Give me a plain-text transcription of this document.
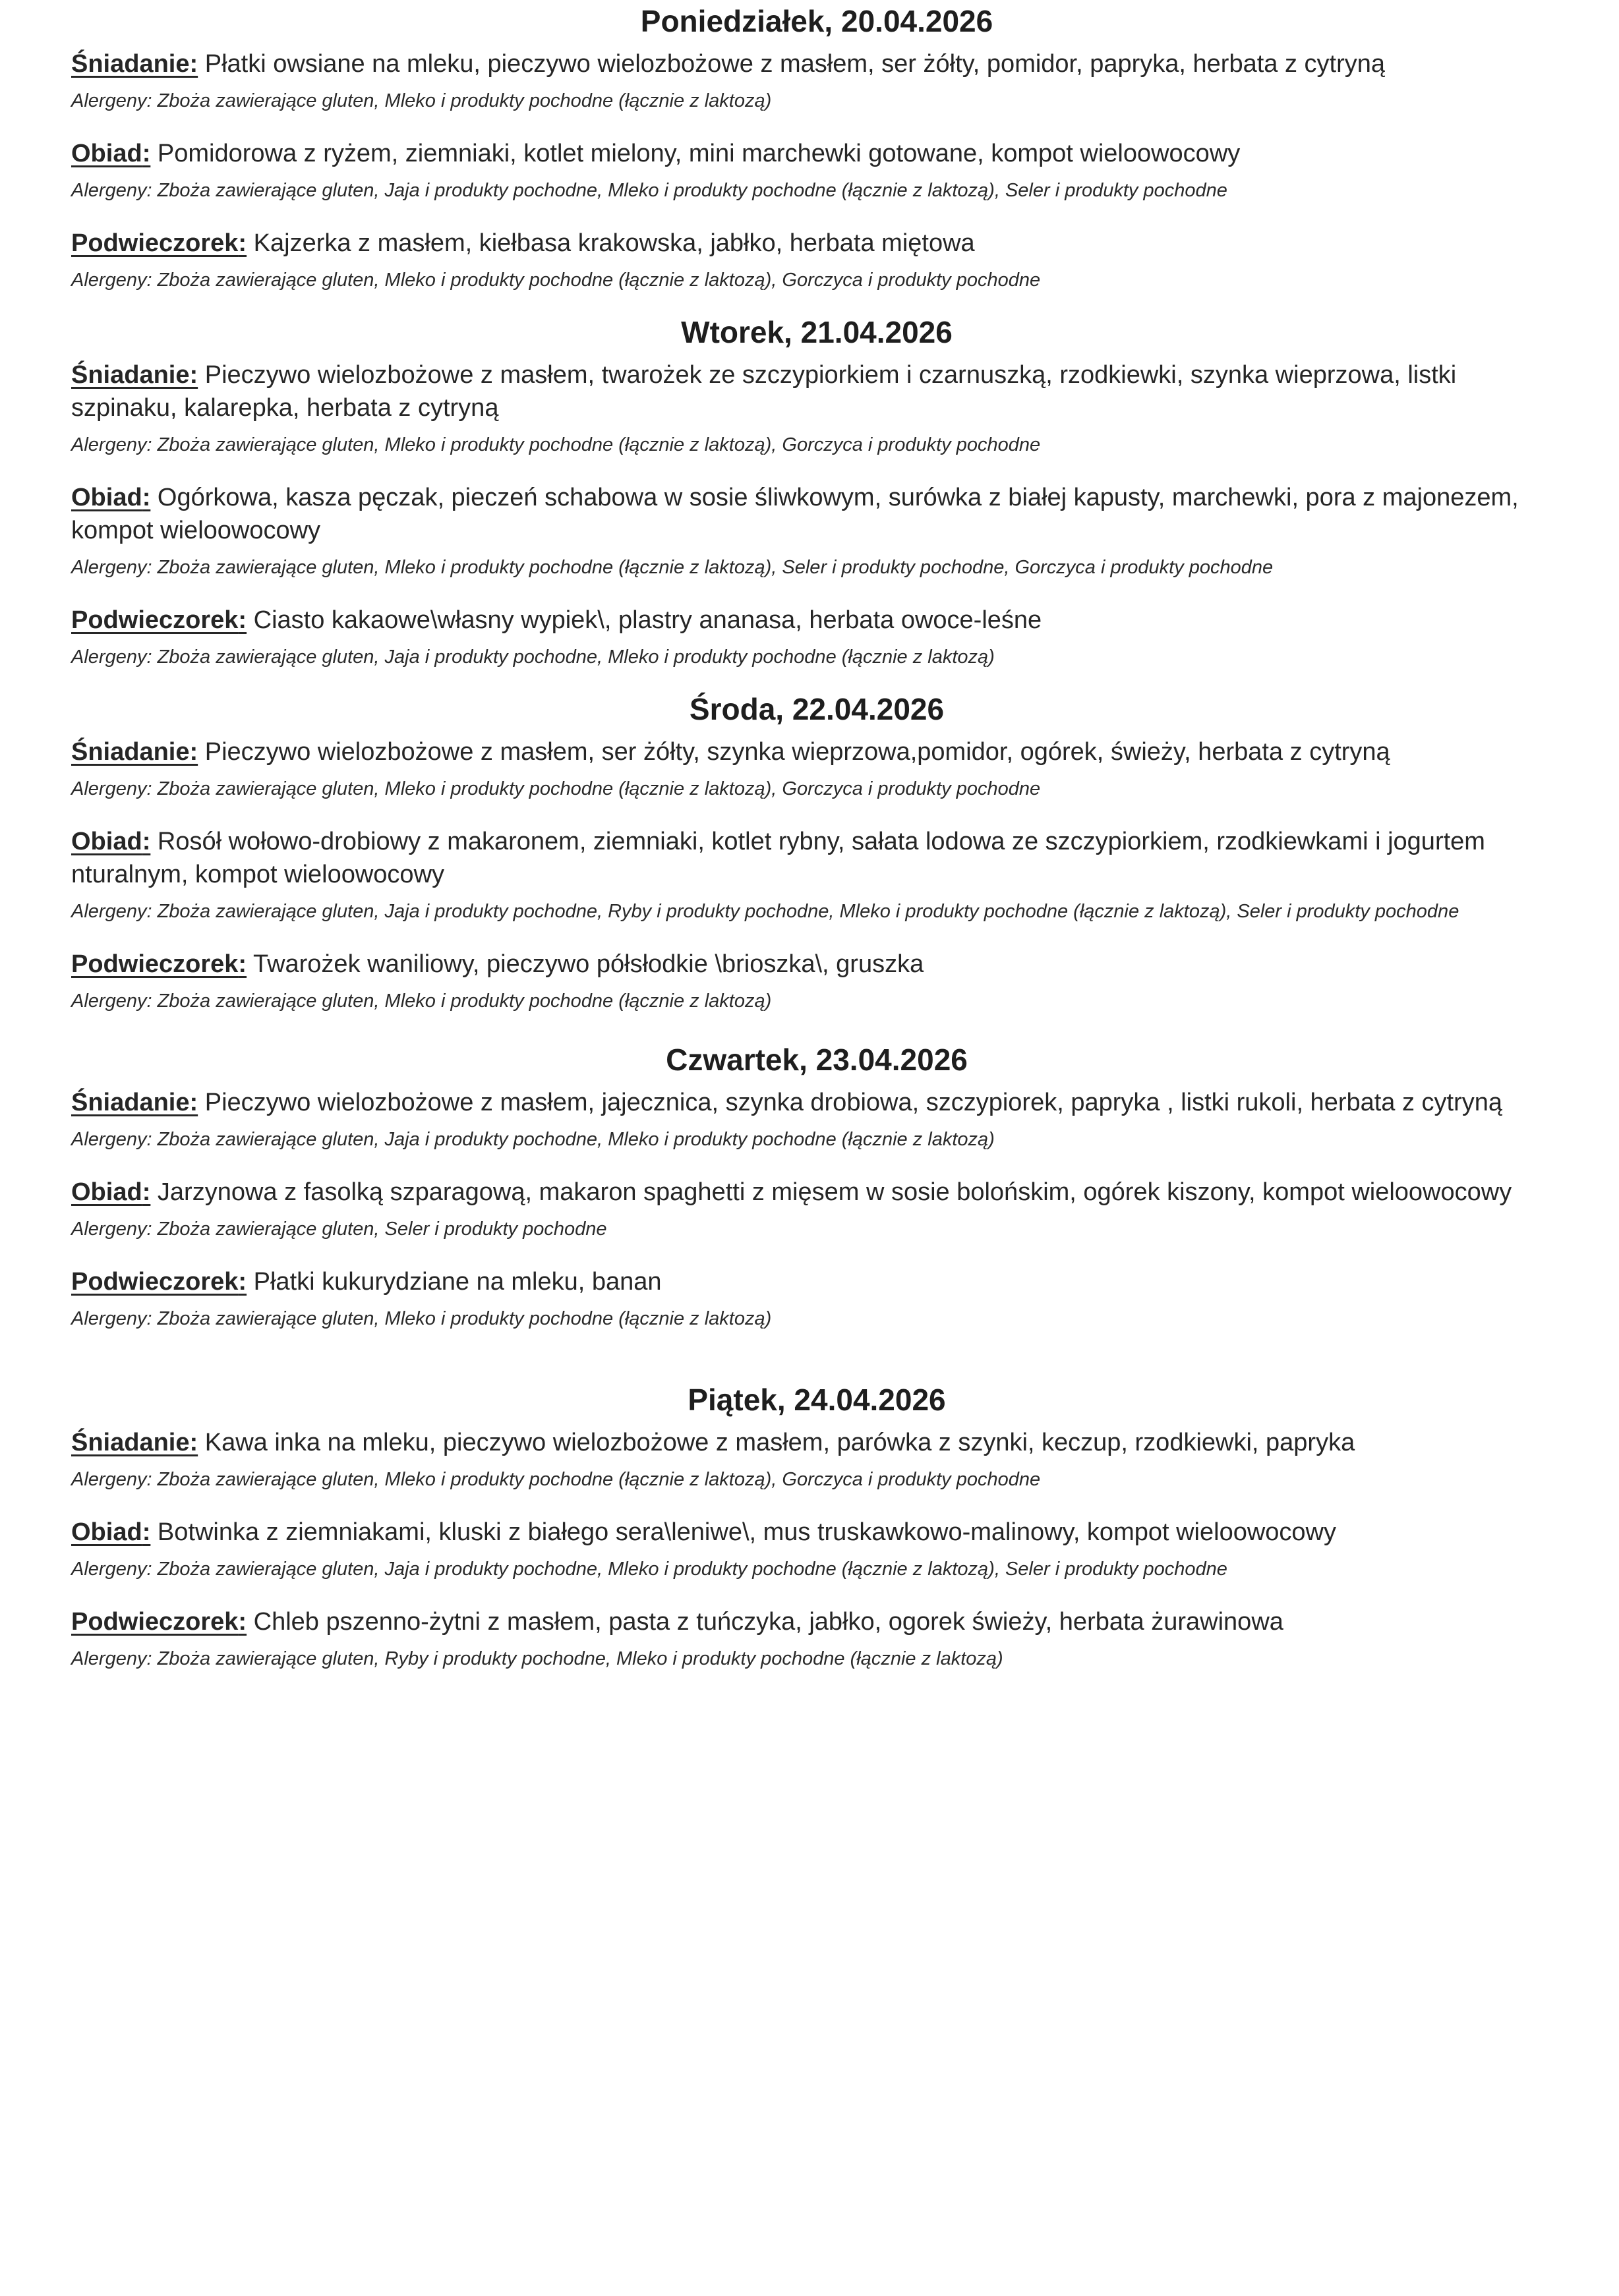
Poniedziałek, 20.04.2026
Śniadanie: Płatki owsiane na mleku, pieczywo wielozbożowe z masłem, ser żółty, pomidor, papryka, herbata z cytryną
Alergeny: Zboża zawierające gluten, Mleko i produkty pochodne (łącznie z laktozą)
Obiad: Pomidorowa z ryżem, ziemniaki, kotlet mielony, mini marchewki gotowane, kompot wieloowocowy
Alergeny: Zboża zawierające gluten, Jaja i produkty pochodne, Mleko i produkty pochodne (łącznie z laktozą), Seler i produkty pochodne
Podwieczorek: Kajzerka z masłem, kiełbasa krakowska, jabłko, herbata miętowa
Alergeny: Zboża zawierające gluten, Mleko i produkty pochodne (łącznie z laktozą), Gorczyca i produkty pochodne
Wtorek, 21.04.2026
Śniadanie: Pieczywo wielozbożowe z masłem, twarożek ze szczypiorkiem i czarnuszką, rzodkiewki, szynka wieprzowa, listki szpinaku, kalarepka, herbata z cytryną
Alergeny: Zboża zawierające gluten, Mleko i produkty pochodne (łącznie z laktozą), Gorczyca i produkty pochodne
Obiad: Ogórkowa, kasza pęczak, pieczeń schabowa w sosie śliwkowym, surówka z białej kapusty, marchewki, pora z majonezem, kompot wieloowocowy
Alergeny: Zboża zawierające gluten, Mleko i produkty pochodne (łącznie z laktozą), Seler i produkty pochodne, Gorczyca i produkty pochodne
Podwieczorek: Ciasto kakaowe\własny wypiek\, plastry ananasa, herbata owoce-leśne
Alergeny: Zboża zawierające gluten, Jaja i produkty pochodne, Mleko i produkty pochodne (łącznie z laktozą)
Środa, 22.04.2026
Śniadanie: Pieczywo wielozbożowe z masłem, ser żółty, szynka wieprzowa,pomidor, ogórek, świeży, herbata z cytryną
Alergeny: Zboża zawierające gluten, Mleko i produkty pochodne (łącznie z laktozą), Gorczyca i produkty pochodne
Obiad: Rosół wołowo-drobiowy z makaronem, ziemniaki, kotlet rybny, sałata lodowa ze szczypiorkiem, rzodkiewkami i jogurtem nturalnym, kompot wieloowocowy
Alergeny: Zboża zawierające gluten, Jaja i produkty pochodne, Ryby i produkty pochodne, Mleko i produkty pochodne (łącznie z laktozą), Seler i produkty pochodne
Podwieczorek: Twarożek waniliowy, pieczywo półsłodkie \brioszka\, gruszka
Alergeny: Zboża zawierające gluten, Mleko i produkty pochodne (łącznie z laktozą)
Czwartek, 23.04.2026
Śniadanie: Pieczywo wielozbożowe z masłem, jajecznica, szynka drobiowa, szczypiorek, papryka , listki rukoli, herbata z cytryną
Alergeny: Zboża zawierające gluten, Jaja i produkty pochodne, Mleko i produkty pochodne (łącznie z laktozą)
Obiad: Jarzynowa z fasolką szparagową, makaron spaghetti z mięsem w sosie bolońskim, ogórek kiszony, kompot wieloowocowy
Alergeny: Zboża zawierające gluten, Seler i produkty pochodne
Podwieczorek: Płatki kukurydziane na mleku, banan
Alergeny: Zboża zawierające gluten, Mleko i produkty pochodne (łącznie z laktozą)
Piątek, 24.04.2026
Śniadanie: Kawa inka na mleku, pieczywo wielozbożowe z masłem, parówka z szynki, keczup, rzodkiewki, papryka
Alergeny: Zboża zawierające gluten, Mleko i produkty pochodne (łącznie z laktozą), Gorczyca i produkty pochodne
Obiad: Botwinka z ziemniakami, kluski z białego sera\leniwe\, mus truskawkowo-malinowy, kompot wieloowocowy
Alergeny: Zboża zawierające gluten, Jaja i produkty pochodne, Mleko i produkty pochodne (łącznie z laktozą), Seler i produkty pochodne
Podwieczorek: Chleb pszenno-żytni z masłem, pasta z tuńczyka, jabłko, ogorek świeży, herbata żurawinowa
Alergeny: Zboża zawierające gluten, Ryby i produkty pochodne, Mleko i produkty pochodne (łącznie z laktozą)
